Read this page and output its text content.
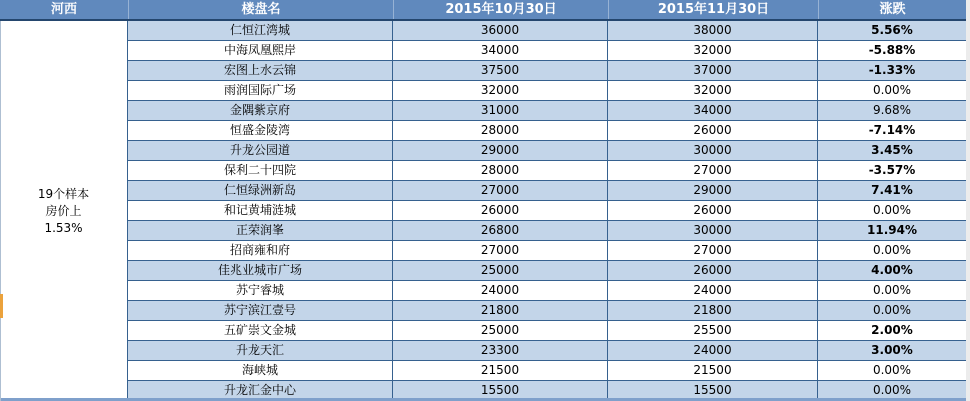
河西	楼盘名	2015年10月30日	2015年11月30日	涨跌
19个样本
房价上
1.53%
仁恒江湾城	36000	38000	5.56%
中海凤凰熙岸	34000	32000	-5.88%
宏图上水云锦	37500	37000	-1.33%
雨润国际广场	32000	32000	0.00%
金隅紫京府	31000	34000	9.68%
恒盛金陵湾	28000	26000	-7.14%
升龙公园道	29000	30000	3.45%
保利二十四院	28000	27000	-3.57%
仁恒绿洲新岛	27000	29000	7.41%
和记黄埔涟城	26000	26000	0.00%
正荣润峯	26800	30000	11.94%
招商雍和府	27000	27000	0.00%
佳兆业城市广场	25000	26000	4.00%
苏宁睿城	24000	24000	0.00%
苏宁滨江壹号	21800	21800	0.00%
五矿崇文金城	25000	25500	2.00%
升龙天汇	23300	24000	3.00%
海峡城	21500	21500	0.00%
升龙汇金中心	15500	15500	0.00%
